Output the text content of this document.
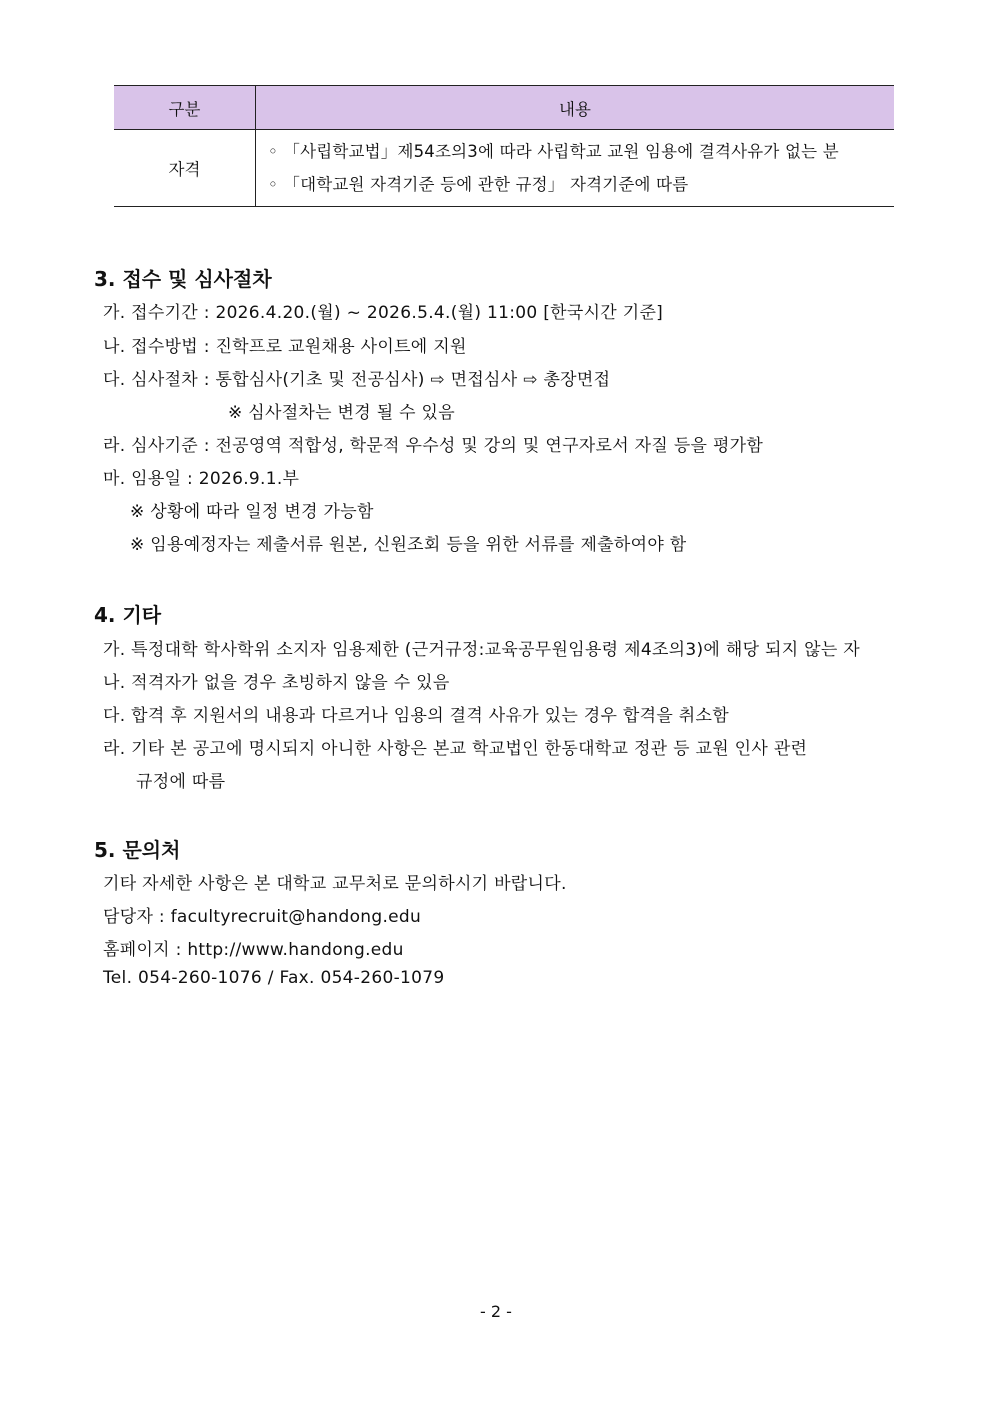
구분	내용
자격	◦ 「사립학교법」제54조의3에 따라 사립학교 교원 임용에 결격사유가 없는 분
◦ 「대학교원 자격기준 등에 관한 규정」 자격기준에 따름
3. 접수 및 심사절차
가. 접수기간 : 2026.4.20.(월) ~ 2026.5.4.(월) 11:00 [한국시간 기준]
나. 접수방법 : 진학프로 교원채용 사이트에 지원
다. 심사절차 : 통합심사(기초 및 전공심사) ⇨ 면접심사 ⇨ 총장면접
※ 심사절차는 변경 될 수 있음
라. 심사기준 : 전공영역 적합성, 학문적 우수성 및 강의 및 연구자로서 자질 등을 평가함
마. 임용일 : 2026.9.1.부
※ 상황에 따라 일정 변경 가능함
※ 임용예정자는 제출서류 원본, 신원조회 등을 위한 서류를 제출하여야 함
4. 기타
가. 특정대학 학사학위 소지자 임용제한 (근거규정:교육공무원임용령 제4조의3)에 해당 되지 않는 자
나. 적격자가 없을 경우 초빙하지 않을 수 있음
다. 합격 후 지원서의 내용과 다르거나 임용의 결격 사유가 있는 경우 합격을 취소함
라. 기타 본 공고에 명시되지 아니한 사항은 본교 학교법인 한동대학교 정관 등 교원 인사 관련
규정에 따름
5. 문의처
기타 자세한 사항은 본 대학교 교무처로 문의하시기 바랍니다.
담당자 : facultyrecruit@handong.edu
홈페이지 : http://www.handong.edu
Tel. 054-260-1076 / Fax. 054-260-1079
- 2 -
